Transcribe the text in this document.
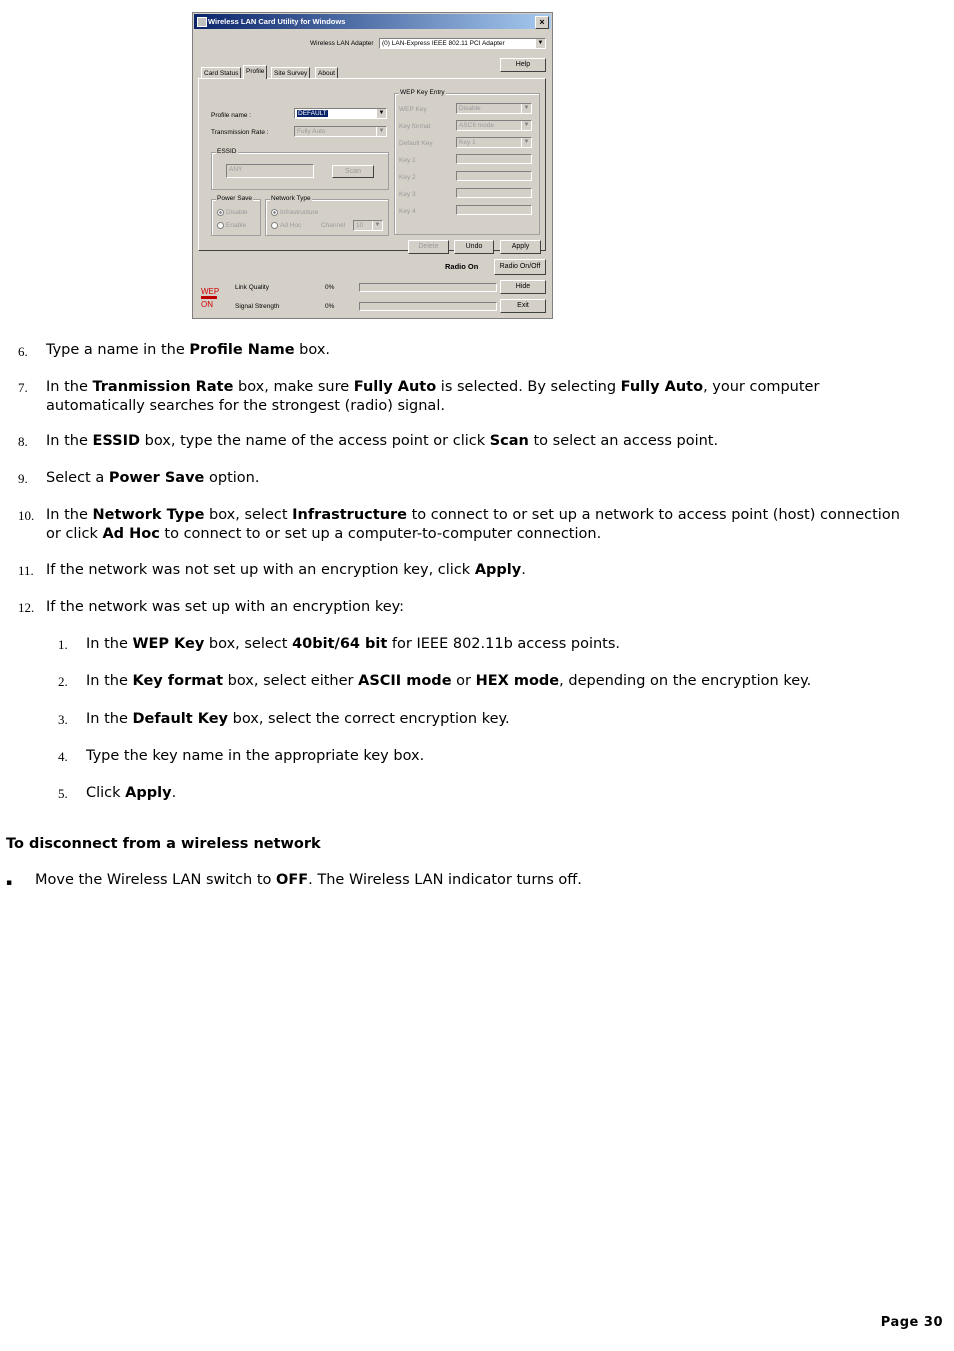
Wireless LAN Card Utility for Windows	×
Wireless LAN Adapter	(0) LAN-Express IEEE 802.11 PCI Adapter	▼
Help
Card Status	Profile	Site Survey	About
Profile name :	DEFAULT	▼
Transmission Rate :	Fully Auto	▼
ESSID
ANY	Scan
Power Save
Disable
Enable
Network Type
Infrastructure
Ad Hoc	Channel	10	▼
WEP Key Entry
WEP Key	Disable	▼
Key format	ASCII mode	▼
Default Key	Key 1	▼
Key 1
Key 2
Key 3
Key 4
Delete	Undo	Apply
Radio On	Radio On/Off
WEP
ON
Link Quality	0%	Hide
Signal Strength	0%	Exit
6. Type a name in the Profile Name box.
7. In the Tranmission Rate box, make sure Fully Auto is selected. By selecting Fully Auto, your computer automatically searches for the strongest (radio) signal.
8. In the ESSID box, type the name of the access point or click Scan to select an access point.
9. Select a Power Save option.
10. In the Network Type box, select Infrastructure to connect to or set up a network to access point (host) connection or click Ad Hoc to connect to or set up a computer-to-computer connection.
11. If the network was not set up with an encryption key, click Apply.
12. If the network was set up with an encryption key:
1. In the WEP Key box, select 40bit/64 bit for IEEE 802.11b access points.
2. In the Key format box, select either ASCII mode or HEX mode, depending on the encryption key.
3. In the Default Key box, select the correct encryption key.
4. Type the key name in the appropriate key box.
5. Click Apply.
To disconnect from a wireless network
▪ Move the Wireless LAN switch to OFF. The Wireless LAN indicator turns off.
Page 30
